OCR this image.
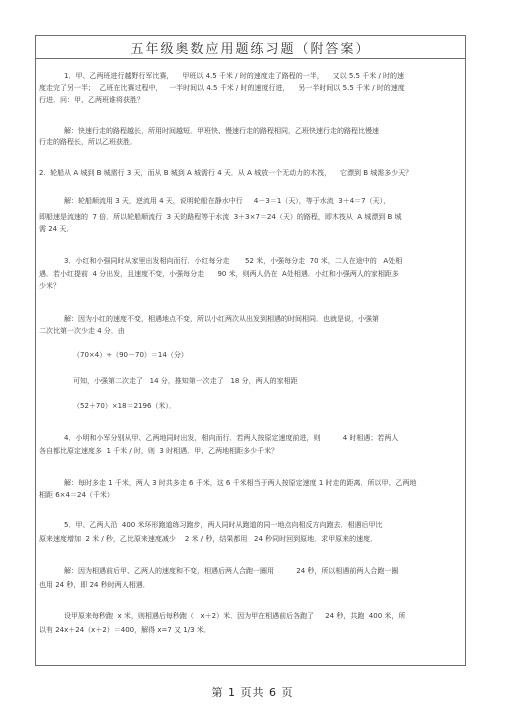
五年级奥数应用题练习题（附答案）

1．甲、乙两班进行越野行军比赛，    甲班以 4.5 千米 / 时的速度走了路程的一半，    又以 5.5 千米 / 时的速

度走完了另一半；  乙班在比赛过程中，   一半时间以 4.5 千米 / 时的速度行进，    另一半时间以 5.5 千米 / 时的速度

行进．问：甲、乙两班谁将获胜？

解：快速行走的路程越长，所用时间越短．甲班快、慢速行走的路程相同，乙班快速行走的路程比慢速

行走的路程长，所以乙班获胜．

2.  轮船从 A 城到 B 城需行 3 天，而从 B 城到 A 城需行 4 天．从 A 城放一个无动力的木筏，    它漂到 B 城需多少天？

解：轮船顺流用 3 天，逆流用 4 天，说明轮船在静水中行     4－3＝1（天），等于水流  3＋4＝7（天），

即船速是流速的  7 倍．所以轮船顺流行  3 天的路程等于水流  3＋3×7＝24（天）的路程，即木筏从  A 城漂到 B 城

需 24 天．

3．小红和小强同时从家里出发相向而行．小红每分走       52 米，小强每分走  70 米，二人在途中的   A处相

遇．若小红提前  4 分出发，且速度不变，小强每分走      90 米，则两人仍在  A处相遇．小红和小强两人的家相距多

少米？

解：因为小红的速度不变，相遇地点不变，所以小红两次从出发到相遇的时间相同．也就是说，小强第

二次比第一次少走 4 分．由

（70×4）÷（90－70）＝14（分）

可知，小强第二次走了   14 分，推知第一次走了   18 分，两人的家相距

（52＋70）×18＝2196（米）．

4．小明和小军分别从甲、乙两地同时出发，相向而行．若两人按原定速度前进，则          4 时相遇；若两人

各自都比原定速度多  1 千米 / 时，则  3 时相遇．甲、乙两地相距多少千米？

解：每时多走 1 千米，两人 3 时共多走 6 千米，这 6 千米相当于两人按原定速度 1 时走的距离．所以甲、乙两地

相距 6×4＝24（千米）

5．甲、乙两人沿  400 米环形跑道练习跑步，两人同时从跑道的同一地点向相反方向跑去．相遇后甲比

原来速度增加  2 米 / 秒，乙比原来速度减少    2 米 / 秒，结果都用   24 秒同时回到原地．求甲原来的速度．

解：因为相遇前后甲、乙两人的速度和不变，相遇后两人合跑一圈用          24 秒，所以相遇前两人合跑一圈

也用 24 秒，即 24 秒时两人相遇．

设甲原来每秒跑  x 米，则相遇后每秒跑（   x＋2）米．因为甲在相遇前后各跑了     24 秒，共跑  400 米，所

以有 24x＋24（x＋2）＝400，解得 x=7 又 1/3 米．

第 1 页共 6 页
